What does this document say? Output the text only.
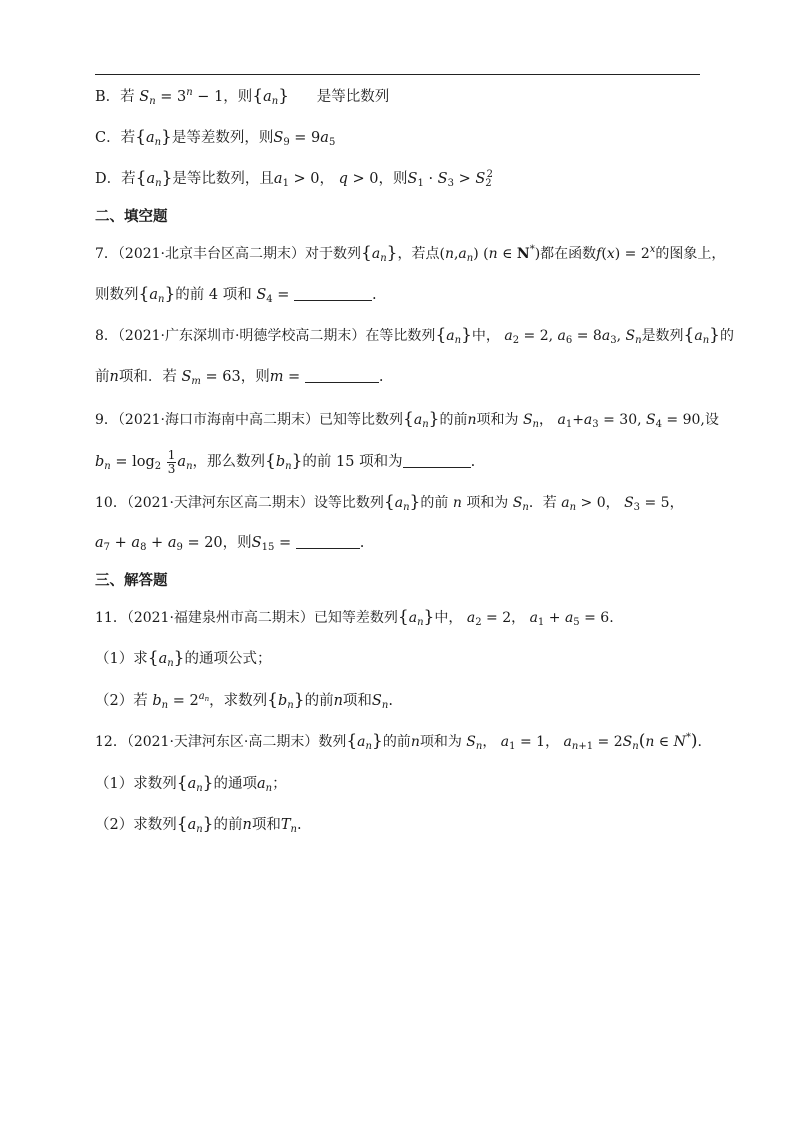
B．若 $S_n = 3^n - 1$，则$\{a_n\}$ 是等比数列
C．若$\{a_n\}$是等差数列，则$S_9 = 9a_5$
D．若$\{a_n\}$是等比数列，且$a_1 > 0$， q > 0，则$S_1 \cdot S_3 > S_2^2$
二、填空题
7．（2021·北京丰台区高二期末）对于数列$\{a_n\}$，若点$(n,a_n)$ (n ∈ N*)都在函数$f(x) = 2^x$的图象上，
则数列$\{a_n\}$的前 4 项和 $S_4$ =	.
8．（2021·广东深圳市·明德学校高二期末）在等比数列$\{a_n\}$中， $a_2 = 2$, $a_6 = 8a_3$, $S_n$是数列$\{a_n\}$的
前n项和．若 $S_m = 63$，则m =	.
9．（2021·海口市海南中高二期末）已知等比数列$\{a_n\}$的前n项和为 $S_n$， $a_1+a_3 = 30$, $S_4 = 90$,设
$b_n = \log_2 \frac{1}{3} a_n$，那么数列$\{b_n\}$的前 15 项和为	.
10．（2021·天津河东区高二期末）设等比数列$\{a_n\}$的前 n 项和为 $S_n$．若 $a_n > 0$， $S_3 = 5$，
$a_7 + a_8 + a_9 = 20$，则$S_{15}$ =	.
三、解答题
11．（2021·福建泉州市高二期末）已知等差数列$\{a_n\}$中， $a_2 = 2$， $a_1 + a_5 = 6$.
（1）求$\{a_n\}$的通项公式；
（2）若 $b_n = 2^{a_n}$，求数列$\{b_n\}$的前n项和$S_n$.
12．（2021·天津河东区·高二期末）数列$\{a_n\}$的前n项和为 $S_n$， $a_1 = 1$， $a_{n+1} = 2S_n(n$ ∈ N*).
（1）求数列$\{a_n\}$的通项$a_n$；
（2）求数列$\{a_n\}$的前n项和$T_n$.
